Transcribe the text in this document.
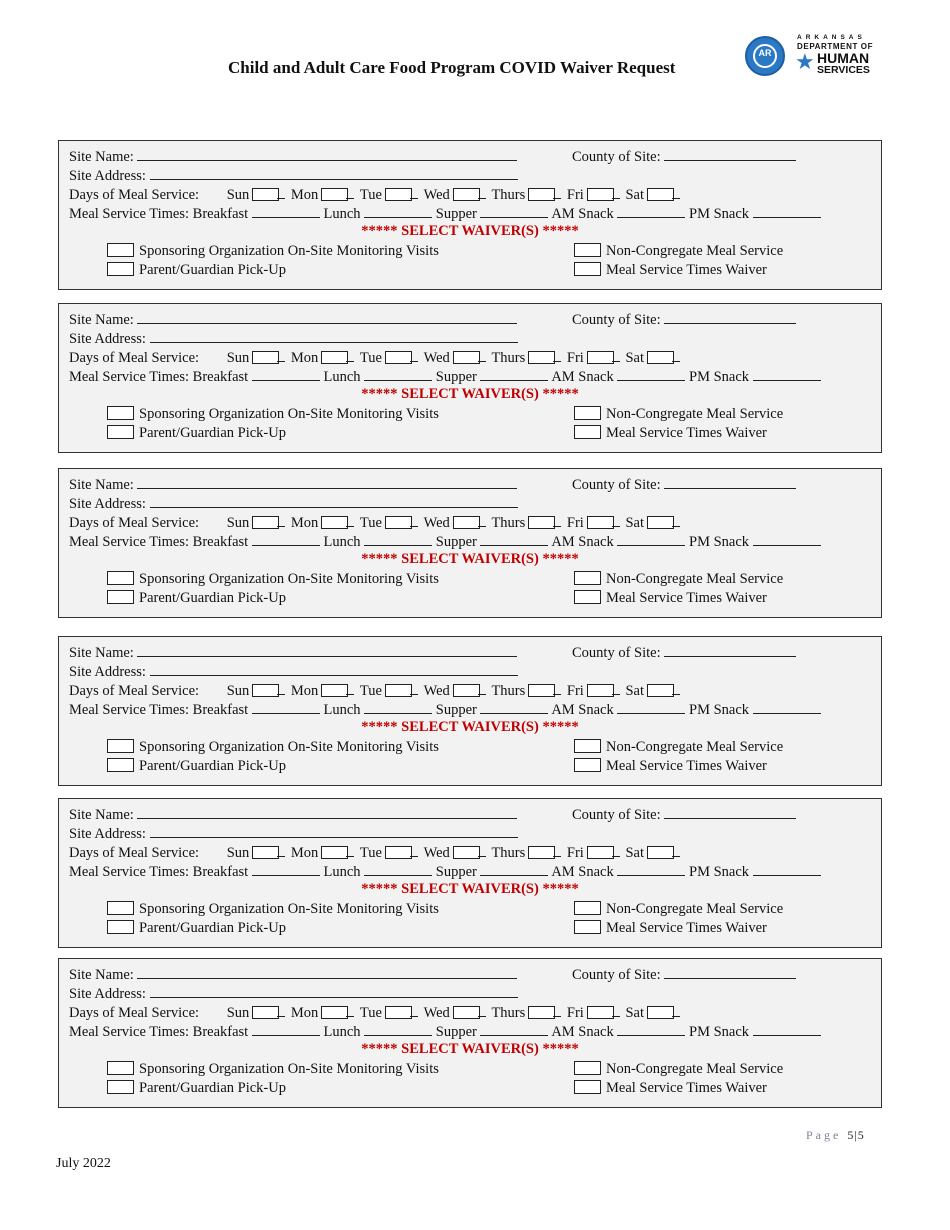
Child and Adult Care Food Program COVID Waiver Request
AR
ARKANSAS
DEPARTMENT OF
★ HUMAN
SERVICES
Site Name:	County of Site:
Site Address:
Days of Meal Service: Sun	Mon	Tue	Wed	Thurs	Fri	Sat
Meal Service Times: Breakfast	Lunch	Supper	AM Snack	PM Snack
***** SELECT WAIVER(S) *****
Sponsoring Organization On-Site Monitoring Visits
Parent/Guardian Pick-Up
Non-Congregate Meal Service
Meal Service Times Waiver
Site Name:	County of Site:
Site Address:
Days of Meal Service: Sun	Mon	Tue	Wed	Thurs	Fri	Sat
Meal Service Times: Breakfast	Lunch	Supper	AM Snack	PM Snack
***** SELECT WAIVER(S) *****
Sponsoring Organization On-Site Monitoring Visits
Parent/Guardian Pick-Up
Non-Congregate Meal Service
Meal Service Times Waiver
Site Name:	County of Site:
Site Address:
Days of Meal Service: Sun	Mon	Tue	Wed	Thurs	Fri	Sat
Meal Service Times: Breakfast	Lunch	Supper	AM Snack	PM Snack
***** SELECT WAIVER(S) *****
Sponsoring Organization On-Site Monitoring Visits
Parent/Guardian Pick-Up
Non-Congregate Meal Service
Meal Service Times Waiver
Site Name:	County of Site:
Site Address:
Days of Meal Service: Sun	Mon	Tue	Wed	Thurs	Fri	Sat
Meal Service Times: Breakfast	Lunch	Supper	AM Snack	PM Snack
***** SELECT WAIVER(S) *****
Sponsoring Organization On-Site Monitoring Visits
Parent/Guardian Pick-Up
Non-Congregate Meal Service
Meal Service Times Waiver
Site Name:	County of Site:
Site Address:
Days of Meal Service: Sun	Mon	Tue	Wed	Thurs	Fri	Sat
Meal Service Times: Breakfast	Lunch	Supper	AM Snack	PM Snack
***** SELECT WAIVER(S) *****
Sponsoring Organization On-Site Monitoring Visits
Parent/Guardian Pick-Up
Non-Congregate Meal Service
Meal Service Times Waiver
Site Name:	County of Site:
Site Address:
Days of Meal Service: Sun	Mon	Tue	Wed	Thurs	Fri	Sat
Meal Service Times: Breakfast	Lunch	Supper	AM Snack	PM Snack
***** SELECT WAIVER(S) *****
Sponsoring Organization On-Site Monitoring Visits
Parent/Guardian Pick-Up
Non-Congregate Meal Service
Meal Service Times Waiver
Page 5|5
July 2022
